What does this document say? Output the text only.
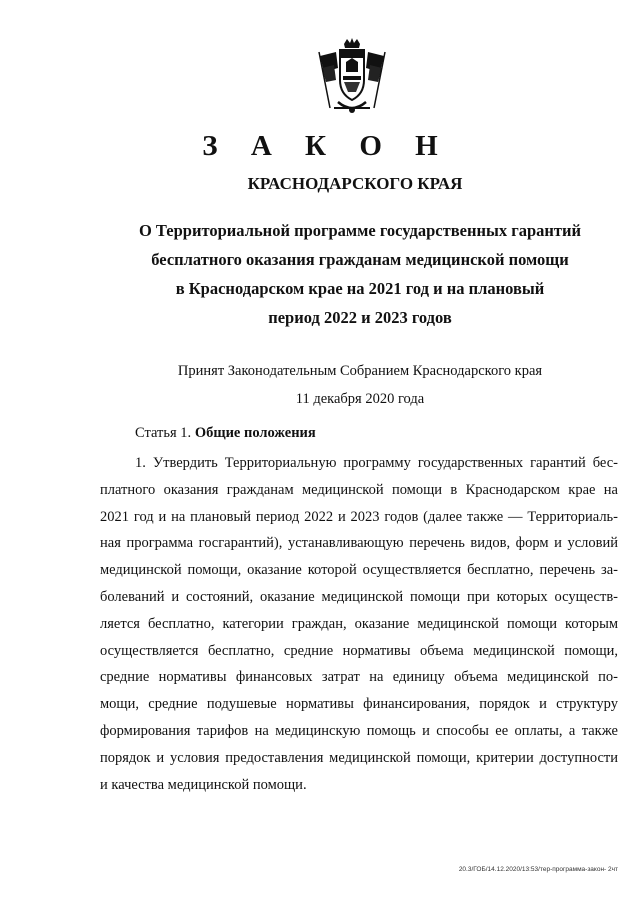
З А К О Н
КРАСНОДАРСКОГО КРАЯ
О Территориальной программе государственных гарантий
бесплатного оказания гражданам медицинской помощи
в Краснодарском крае на 2021 год и на плановый
период 2022 и 2023 годов
Принят Законодательным Собранием Краснодарского края
11 декабря 2020 года
Статья 1. Общие положения
1. Утвердить Территориальную программу государственных гарантий бес-
платного оказания гражданам медицинской помощи в Краснодарском крае на
2021 год и на плановый период 2022 и 2023 годов (далее также — Территориаль-
ная программа госгарантий), устанавливающую перечень видов, форм и условий
медицинской помощи, оказание которой осуществляется бесплатно, перечень за-
болеваний и состояний, оказание медицинской помощи при которых осуществ-
ляется бесплатно, категории граждан, оказание медицинской помощи которым
осуществляется бесплатно, средние нормативы объема медицинской помощи,
средние нормативы финансовых затрат на единицу объема медицинской по-
мощи, средние подушевые нормативы финансирования, порядок и структуру
формирования тарифов на медицинскую помощь и способы ее оплаты, а также
порядок и условия предоставления медицинской помощи, критерии доступности
и качества медицинской помощи.
20.3/ГОБ/14.12.2020/13:53/тер-программа-закон- 2чт
